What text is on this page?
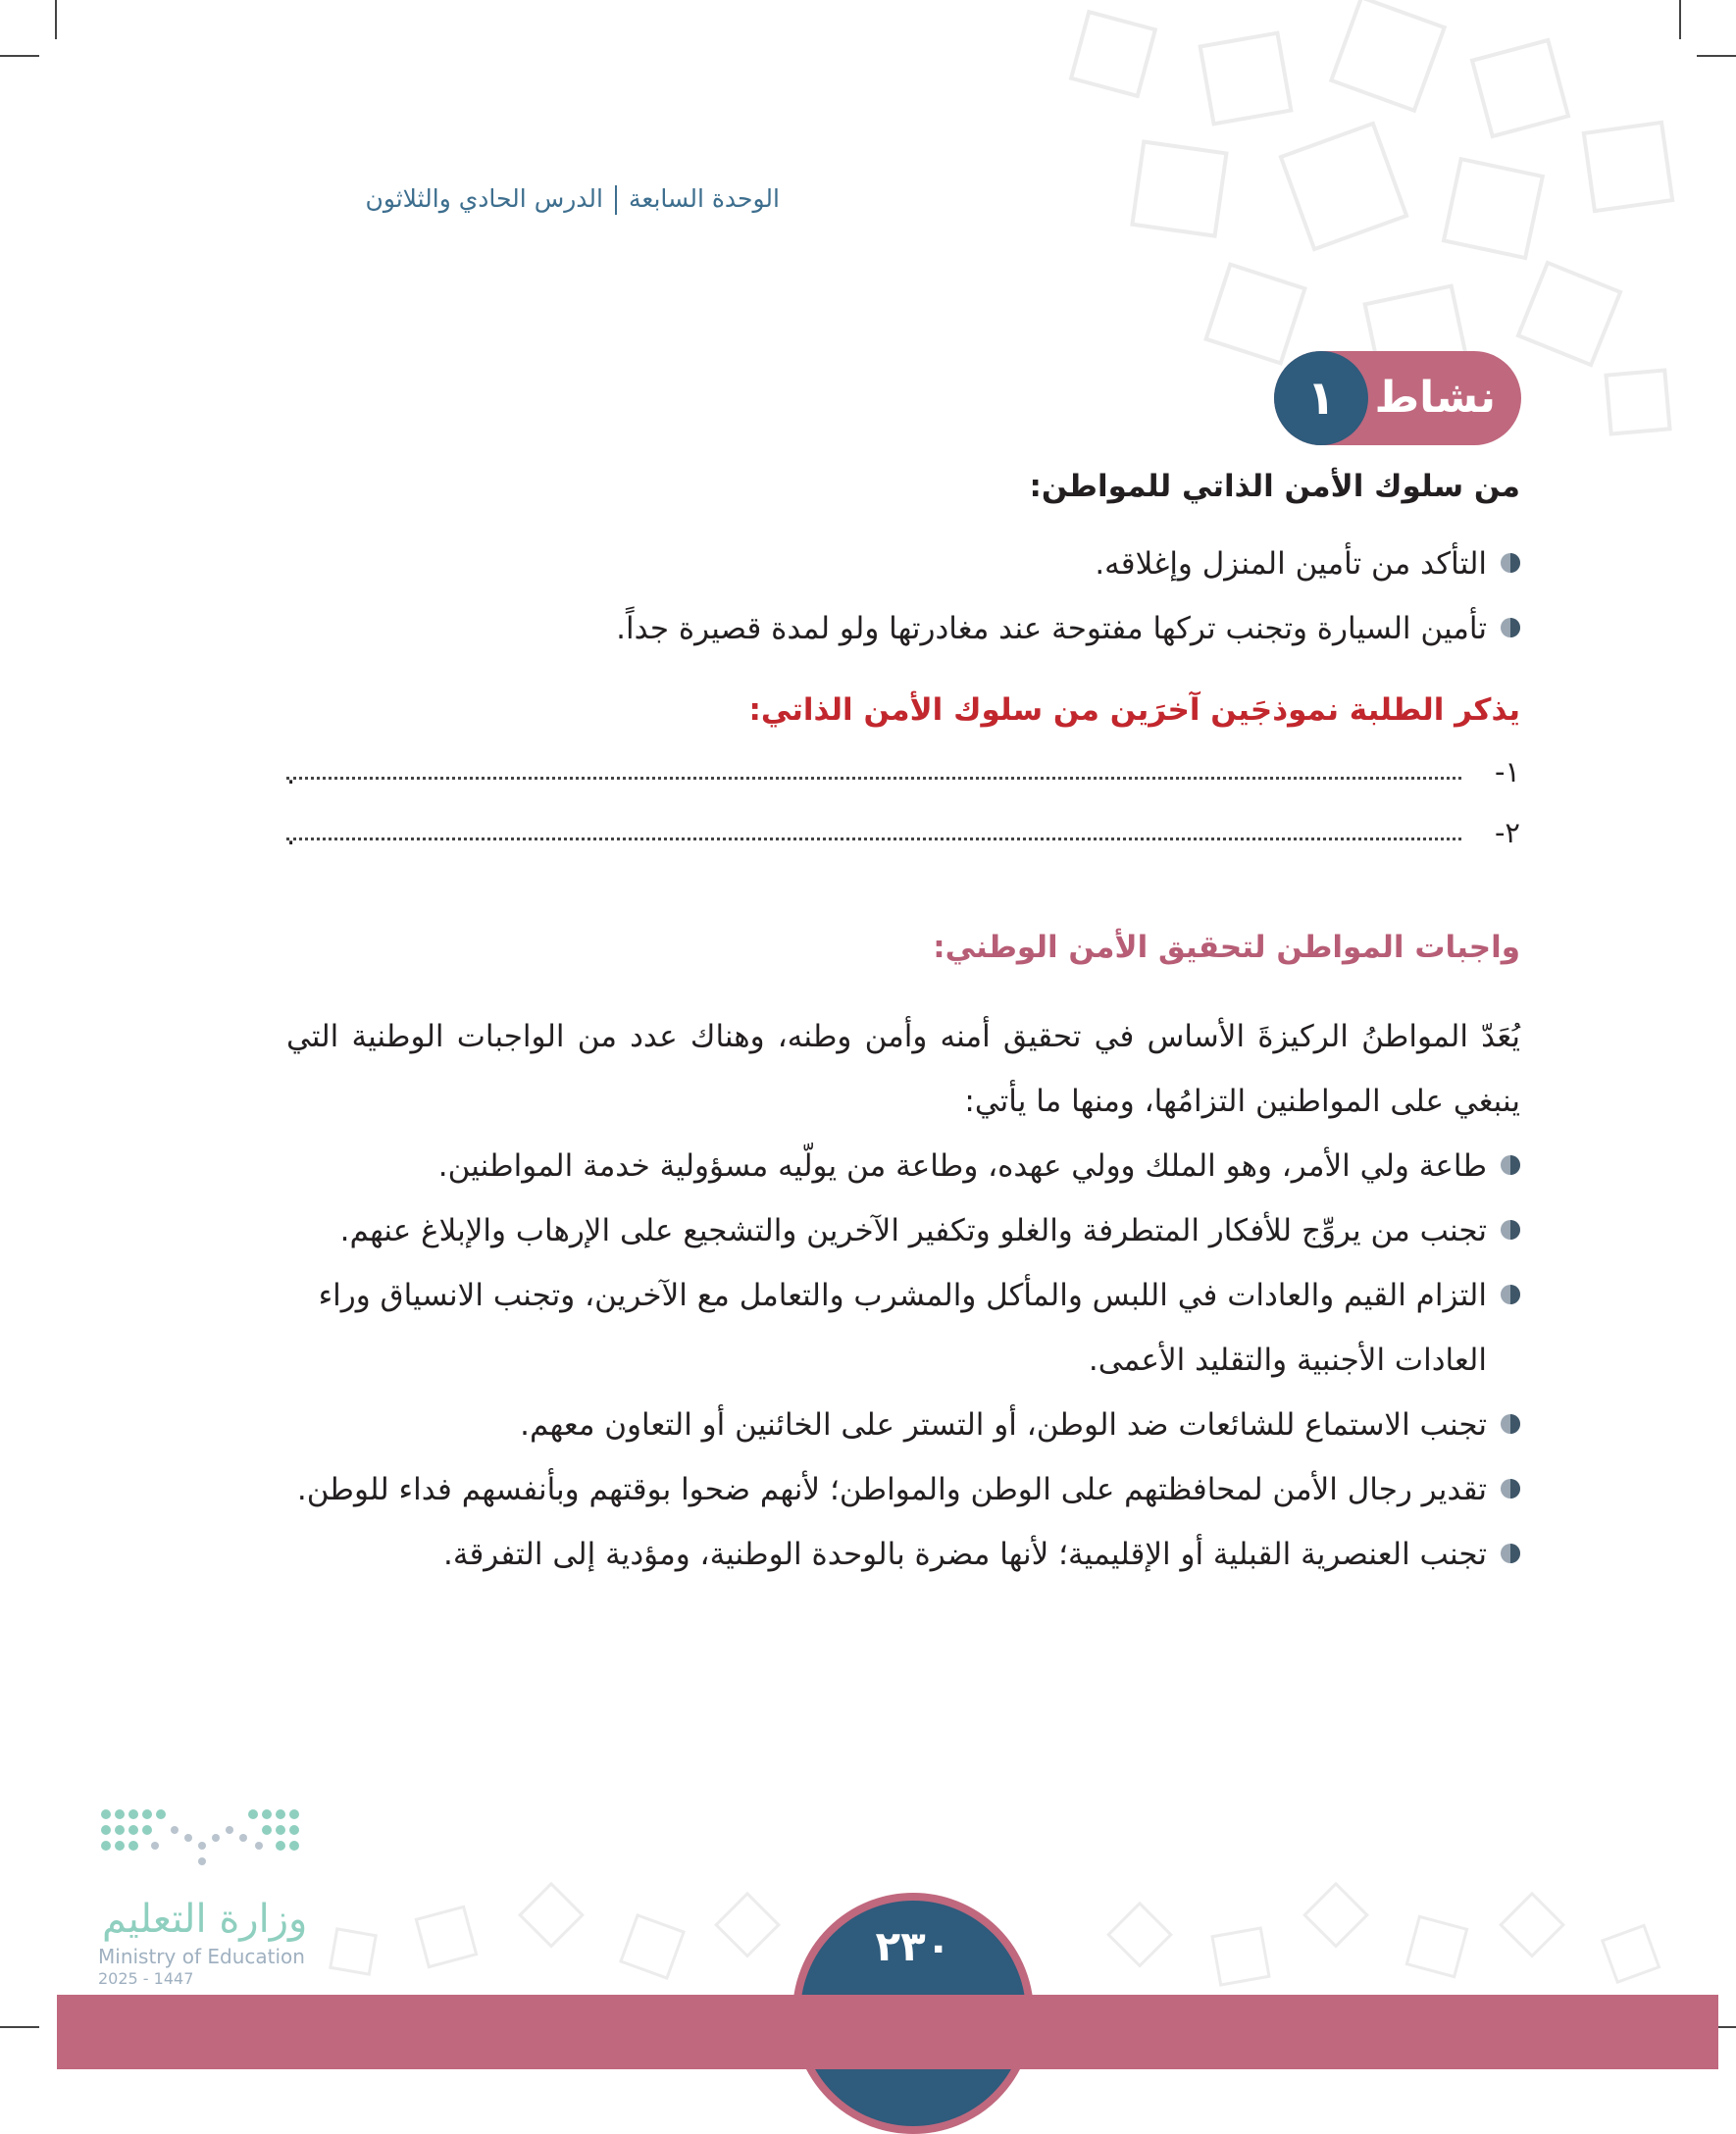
الوحدة السابعةالدرس الحادي والثلاثون
١ نشاط
من سلوك الأمن الذاتي للمواطن:
التأكد من تأمين المنزل وإغلاقه.
تأمين السيارة وتجنب تركها مفتوحة عند مغادرتها ولو لمدة قصيرة جداً.
يذكر الطلبة نموذجَين آخرَين من سلوك الأمن الذاتي:
١-
.
٢-
.
واجبات المواطن لتحقيق الأمن الوطني:
يُعَدّ المواطنُ الركيزةَ الأساس في تحقيق أمنه وأمن وطنه، وهناك عدد من الواجبات الوطنية التي ينبغي على المواطنين التزامُها، ومنها ما يأتي:
طاعة ولي الأمر، وهو الملك وولي عهده، وطاعة من يولّيه مسؤولية خدمة المواطنين.
تجنب من يروِّج للأفكار المتطرفة والغلو وتكفير الآخرين والتشجيع على الإرهاب والإبلاغ عنهم.
التزام القيم والعادات في اللبس والمأكل والمشرب والتعامل مع الآخرين، وتجنب الانسياق وراء العادات الأجنبية والتقليد الأعمى.
تجنب الاستماع للشائعات ضد الوطن، أو التستر على الخائنين أو التعاون معهم.
تقدير رجال الأمن لمحافظتهم على الوطن والمواطن؛ لأنهم ضحوا بوقتهم وبأنفسهم فداء للوطن.
تجنب العنصرية القبلية أو الإقليمية؛ لأنها مضرة بالوحدة الوطنية، ومؤدية إلى التفرقة.
٢٣٠
وزارة التعليم
Ministry of Education
2025 - 1447
